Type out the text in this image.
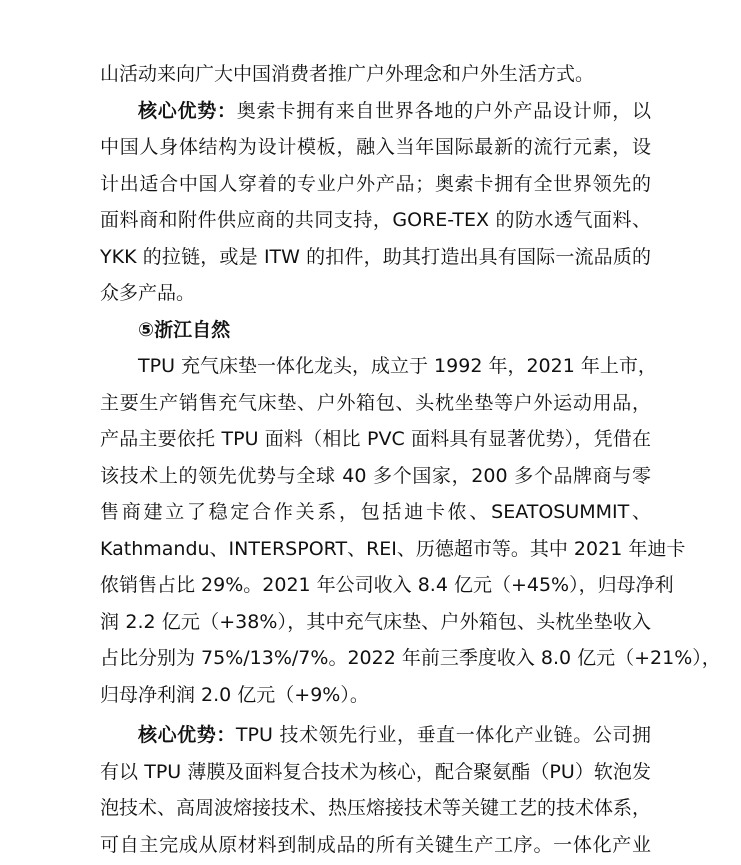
山活动来向广大中国消费者推广户外理念和户外生活方式。
核心优势：奥索卡拥有来自世界各地的户外产品设计师，以
中国人身体结构为设计模板，融入当年国际最新的流行元素，设
计出适合中国人穿着的专业户外产品；奥索卡拥有全世界领先的
面料商和附件供应商的共同支持，GORE-TEX 的防水透气面料、
YKK 的拉链，或是 ITW 的扣件，助其打造出具有国际一流品质的
众多产品。
⑤浙江自然
TPU 充气床垫一体化龙头，成立于 1992 年，2021 年上市，
主要生产销售充气床垫、户外箱包、头枕坐垫等户外运动用品，
产品主要依托 TPU 面料（相比 PVC 面料具有显著优势），凭借在
该技术上的领先优势与全球 40 多个国家，200 多个品牌商与零
售商建立了稳定合作关系，包括迪卡侬、SEATOSUMMIT、
Kathmandu、INTERSPORT、REI、历德超市等。其中 2021 年迪卡
侬销售占比 29%。2021 年公司收入 8.4 亿元（+45%），归母净利
润 2.2 亿元（+38%），其中充气床垫、户外箱包、头枕坐垫收入
占比分别为 75%/13%/7%。2022 年前三季度收入 8.0 亿元（+21%），
归母净利润 2.0 亿元（+9%）。
核心优势：TPU 技术领先行业，垂直一体化产业链。公司拥
有以 TPU 薄膜及面料复合技术为核心，配合聚氨酯（PU）软泡发
泡技术、高周波熔接技术、热压熔接技术等关键工艺的技术体系，
可自主完成从原材料到制成品的所有关键生产工序。一体化产业
